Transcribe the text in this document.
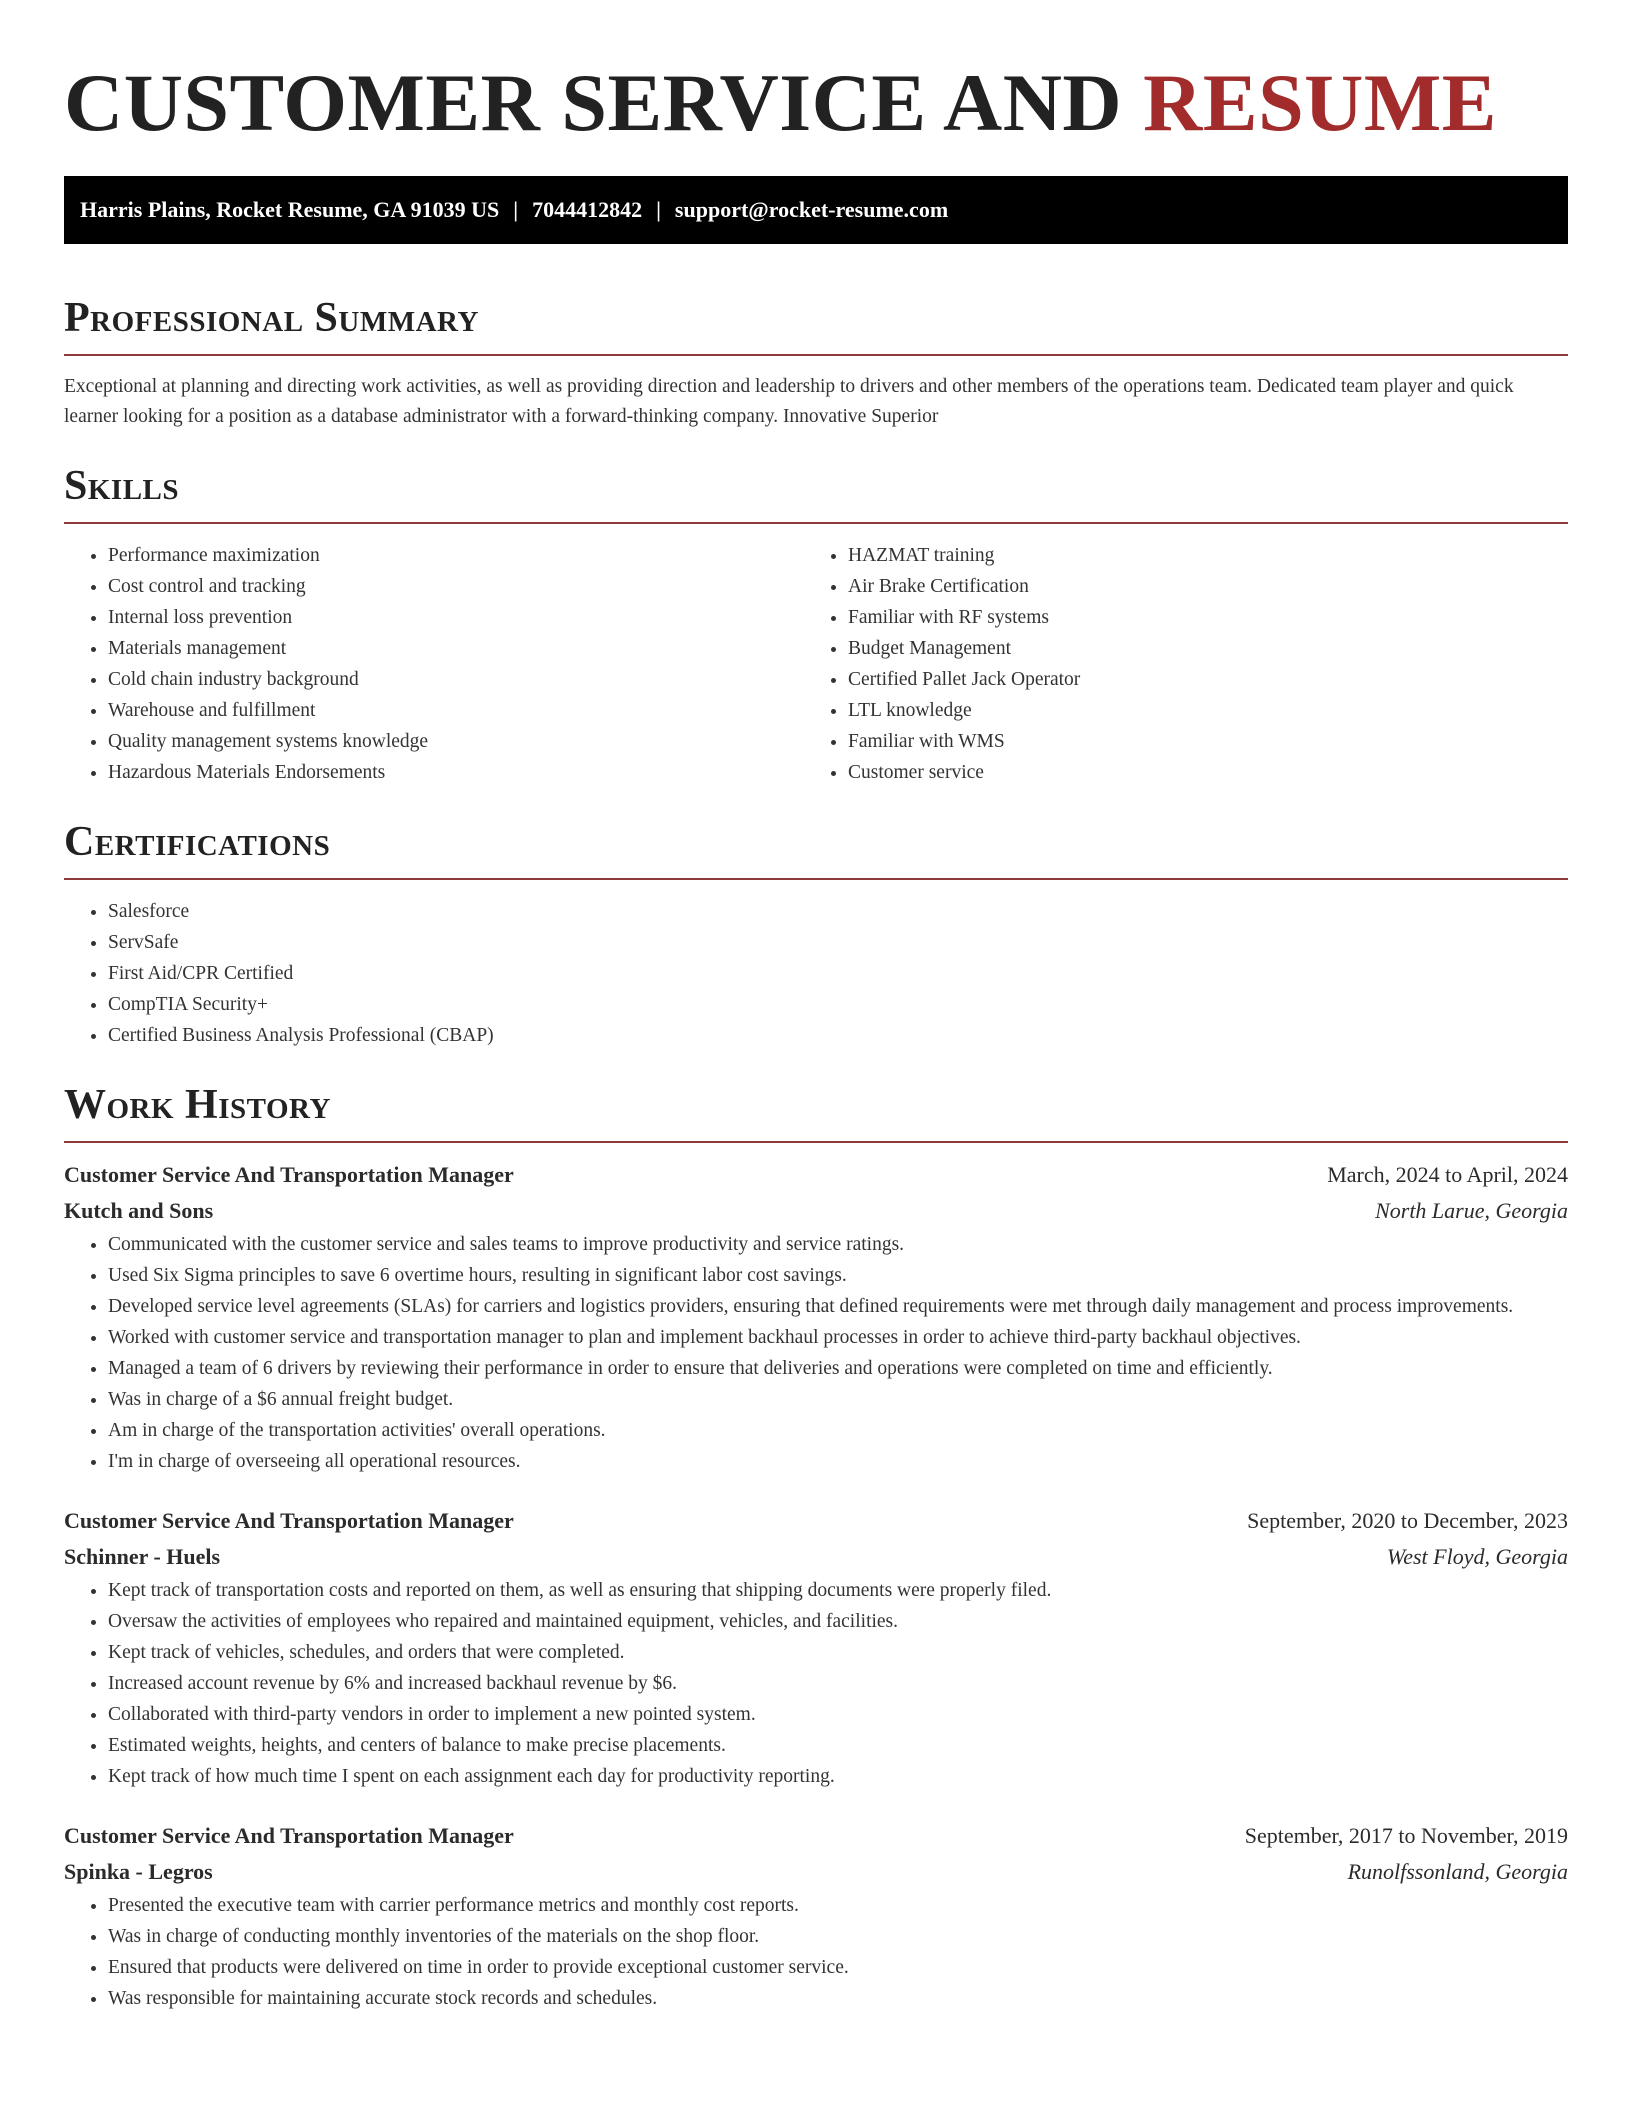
CUSTOMER SERVICE AND RESUME
Harris Plains, Rocket Resume, GA 91039 US | 7044412842 | support@rocket-resume.com
Professional Summary

Exceptional at planning and directing work activities, as well as providing direction and leadership to drivers and other members of the operations team. Dedicated team player and quick learner looking for a position as a database administrator with a forward-thinking company. Innovative Superior

Skills
• Performance maximization
• Cost control and tracking
• Internal loss prevention
• Materials management
• Cold chain industry background
• Warehouse and fulfillment
• Quality management systems knowledge
• Hazardous Materials Endorsements
• HAZMAT training
• Air Brake Certification
• Familiar with RF systems
• Budget Management
• Certified Pallet Jack Operator
• LTL knowledge
• Familiar with WMS
• Customer service
Certifications
• Salesforce
• ServSafe
• First Aid/CPR Certified
• CompTIA Security+
• Certified Business Analysis Professional (CBAP)
Work History
Customer Service And Transportation Manager	March, 2024 to April, 2024
Kutch and Sons	North Larue, Georgia
• Communicated with the customer service and sales teams to improve productivity and service ratings.
• Used Six Sigma principles to save 6 overtime hours, resulting in significant labor cost savings.
• Developed service level agreements (SLAs) for carriers and logistics providers, ensuring that defined requirements were met through daily management and process improvements.
• Worked with customer service and transportation manager to plan and implement backhaul processes in order to achieve third-party backhaul objectives.
• Managed a team of 6 drivers by reviewing their performance in order to ensure that deliveries and operations were completed on time and efficiently.
• Was in charge of a $6 annual freight budget.
• Am in charge of the transportation activities' overall operations.
• I'm in charge of overseeing all operational resources.
Customer Service And Transportation Manager	September, 2020 to December, 2023
Schinner - Huels	West Floyd, Georgia
• Kept track of transportation costs and reported on them, as well as ensuring that shipping documents were properly filed.
• Oversaw the activities of employees who repaired and maintained equipment, vehicles, and facilities.
• Kept track of vehicles, schedules, and orders that were completed.
• Increased account revenue by 6% and increased backhaul revenue by $6.
• Collaborated with third-party vendors in order to implement a new pointed system.
• Estimated weights, heights, and centers of balance to make precise placements.
• Kept track of how much time I spent on each assignment each day for productivity reporting.
Customer Service And Transportation Manager	September, 2017 to November, 2019
Spinka - Legros	Runolfssonland, Georgia
• Presented the executive team with carrier performance metrics and monthly cost reports.
• Was in charge of conducting monthly inventories of the materials on the shop floor.
• Ensured that products were delivered on time in order to provide exceptional customer service.
• Was responsible for maintaining accurate stock records and schedules.
